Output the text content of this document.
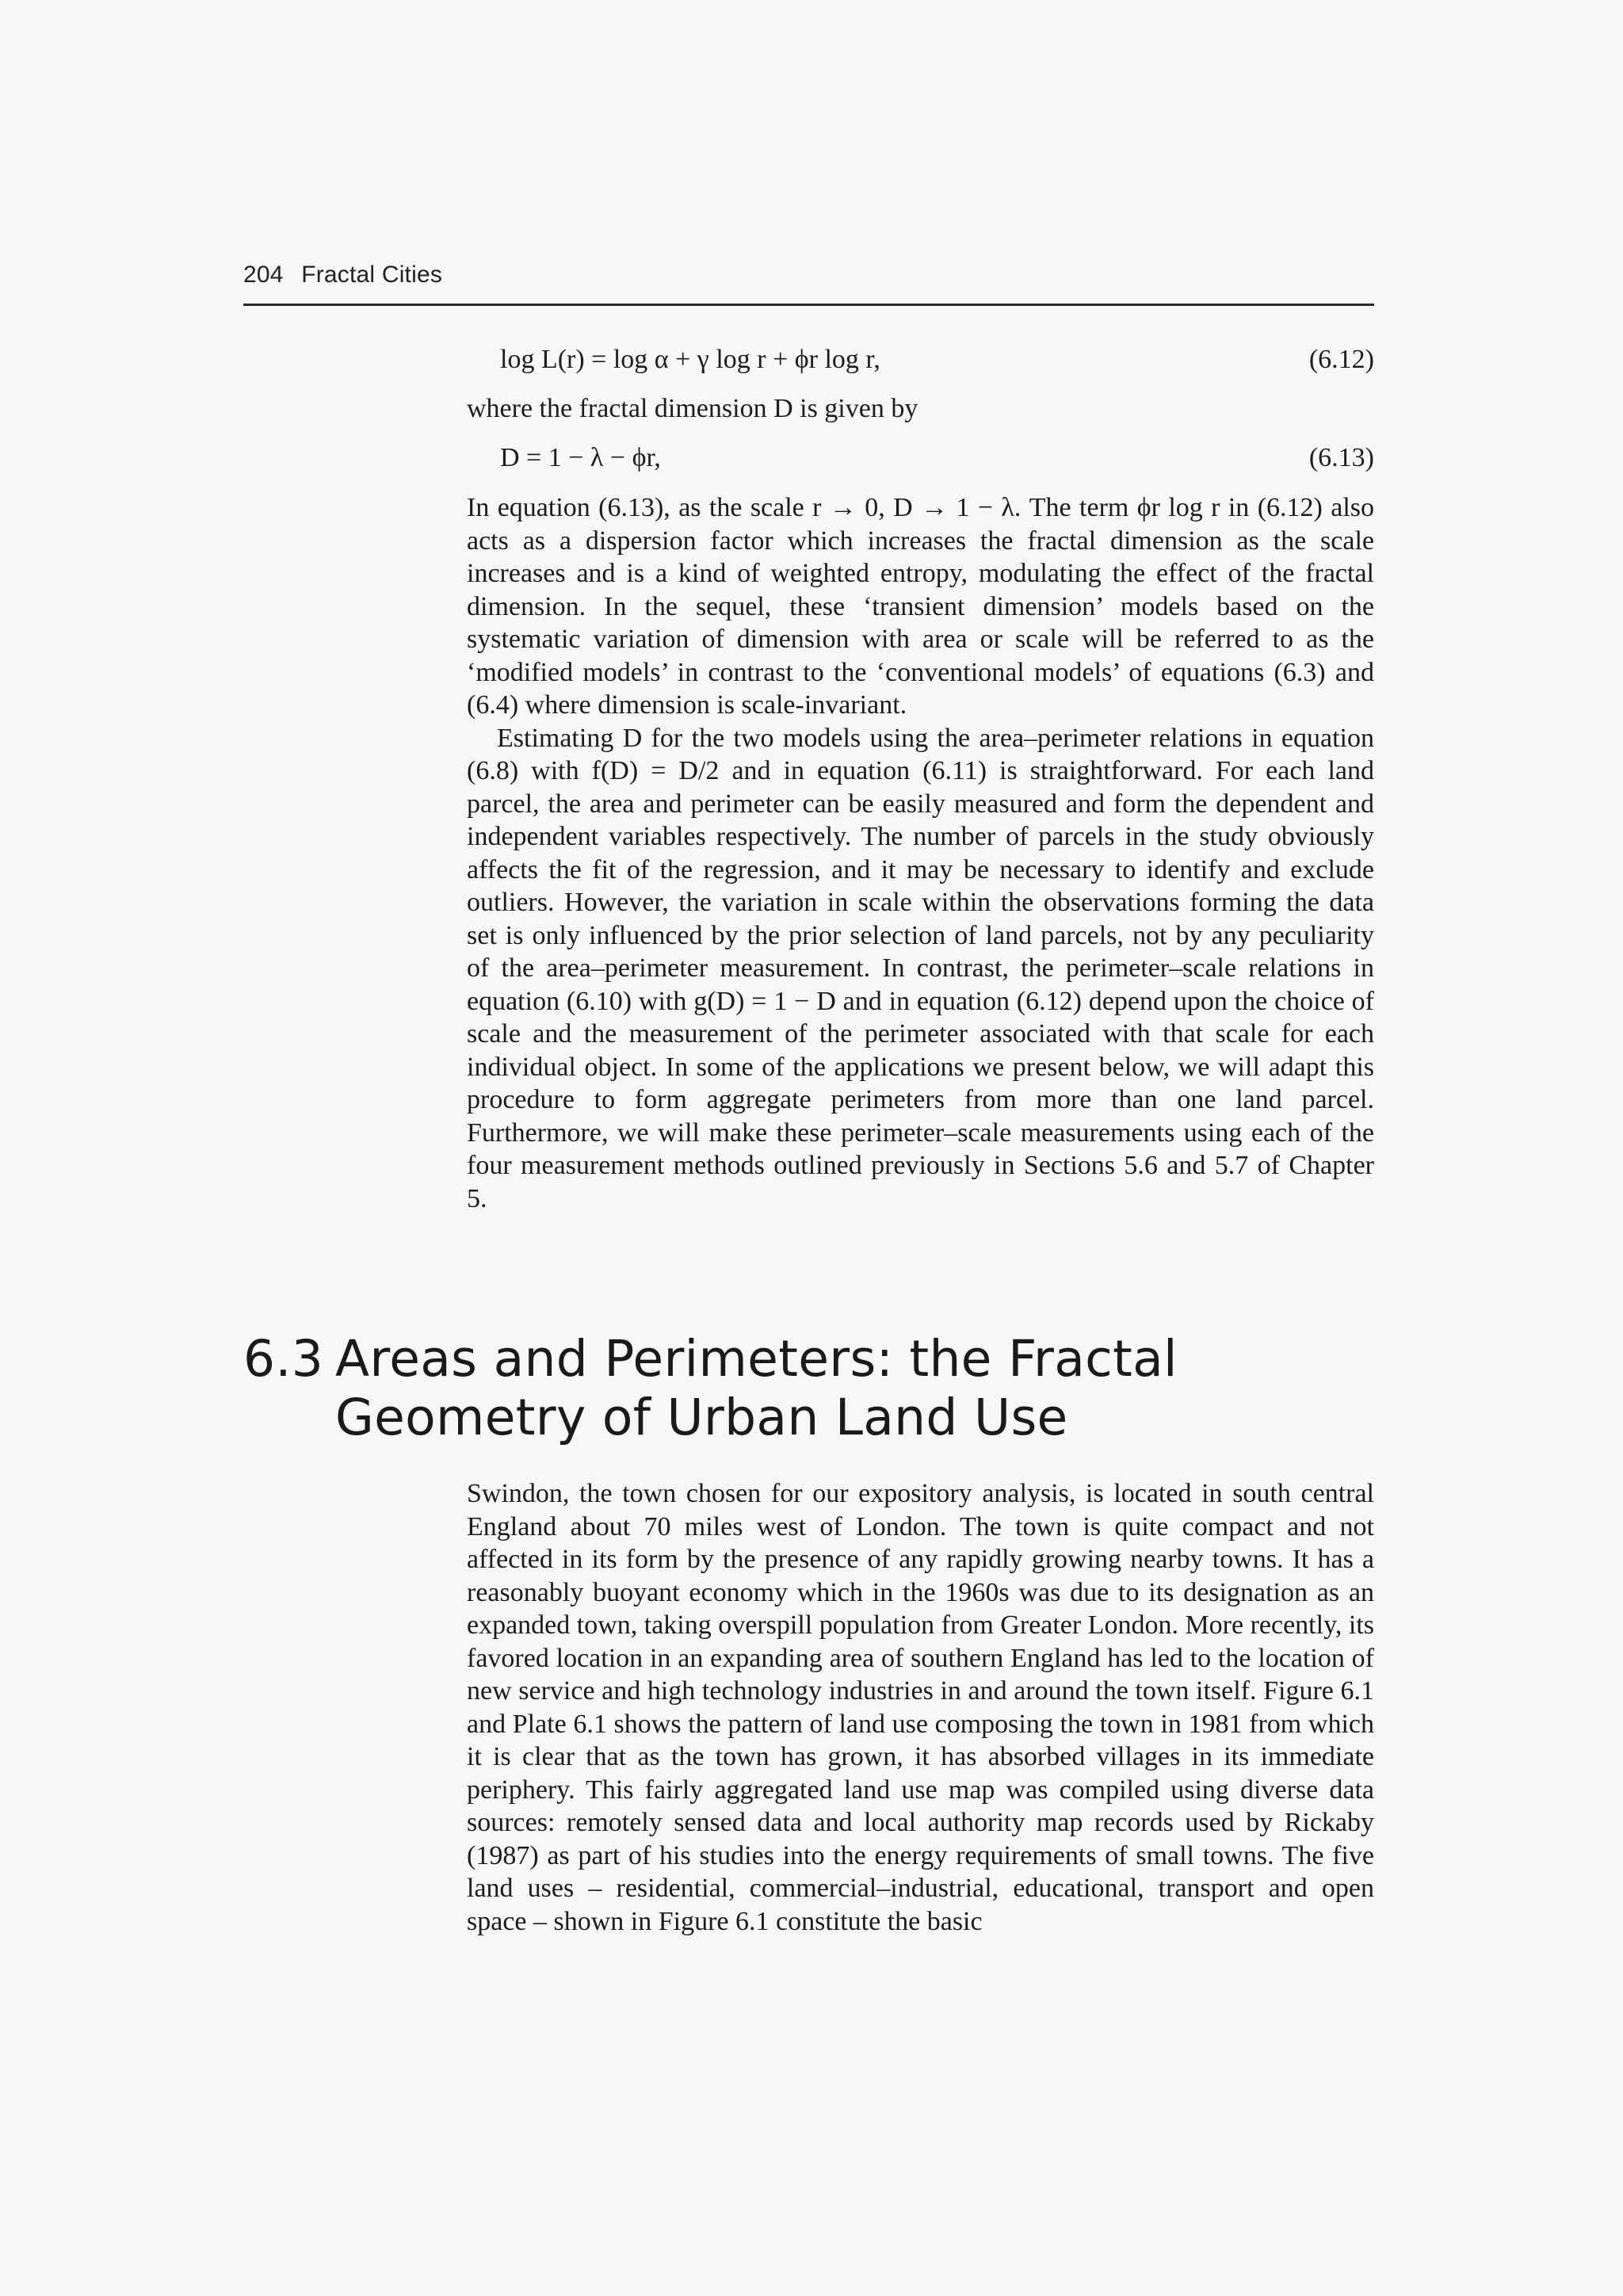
204 Fractal Cities
log L(r) = log α + γ log r + ϕr log r,	(6.12)
where the fractal dimension D is given by
D = 1 − λ − ϕr,	(6.13)

In equation (6.13), as the scale r → 0, D → 1 − λ. The term ϕr log r in (6.12) also acts as a dispersion factor which increases the fractal dimension as the scale increases and is a kind of weighted entropy, modulating the effect of the fractal dimension. In the sequel, these ‘transient dimension’ models based on the systematic variation of dimension with area or scale will be referred to as the ‘modified models’ in contrast to the ‘conventional models’ of equations (6.3) and (6.4) where dimension is scale-invariant.

Estimating D for the two models using the area–perimeter relations in equation (6.8) with f(D) = D/2 and in equation (6.11) is straightforward. For each land parcel, the area and perimeter can be easily measured and form the dependent and independent variables respectively. The number of parcels in the study obviously affects the fit of the regression, and it may be necessary to identify and exclude outliers. However, the variation in scale within the observations forming the data set is only influenced by the prior selection of land parcels, not by any peculiarity of the area–perimeter measurement. In contrast, the perimeter–scale relations in equation (6.10) with g(D) = 1 − D and in equation (6.12) depend upon the choice of scale and the measurement of the perimeter associated with that scale for each individual object. In some of the applications we present below, we will adapt this procedure to form aggregate perimeters from more than one land parcel. Furthermore, we will make these perimeter–scale measurements using each of the four measurement methods outlined previously in Sections 5.6 and 5.7 of Chapter 5.

6.3 Areas and Perimeters: the Fractal Geometry of Urban Land Use

Swindon, the town chosen for our expository analysis, is located in south central England about 70 miles west of London. The town is quite compact and not affected in its form by the presence of any rapidly growing nearby towns. It has a reasonably buoyant economy which in the 1960s was due to its designation as an expanded town, taking overspill population from Greater London. More recently, its favored location in an expanding area of southern England has led to the location of new service and high technology industries in and around the town itself. Figure 6.1 and Plate 6.1 shows the pattern of land use composing the town in 1981 from which it is clear that as the town has grown, it has absorbed villages in its immediate periphery. This fairly aggregated land use map was compiled using diverse data sources: remotely sensed data and local authority map records used by Rickaby (1987) as part of his studies into the energy requirements of small towns. The five land uses – residential, commercial–industrial, educational, transport and open space – shown in Figure 6.1 constitute the basic
